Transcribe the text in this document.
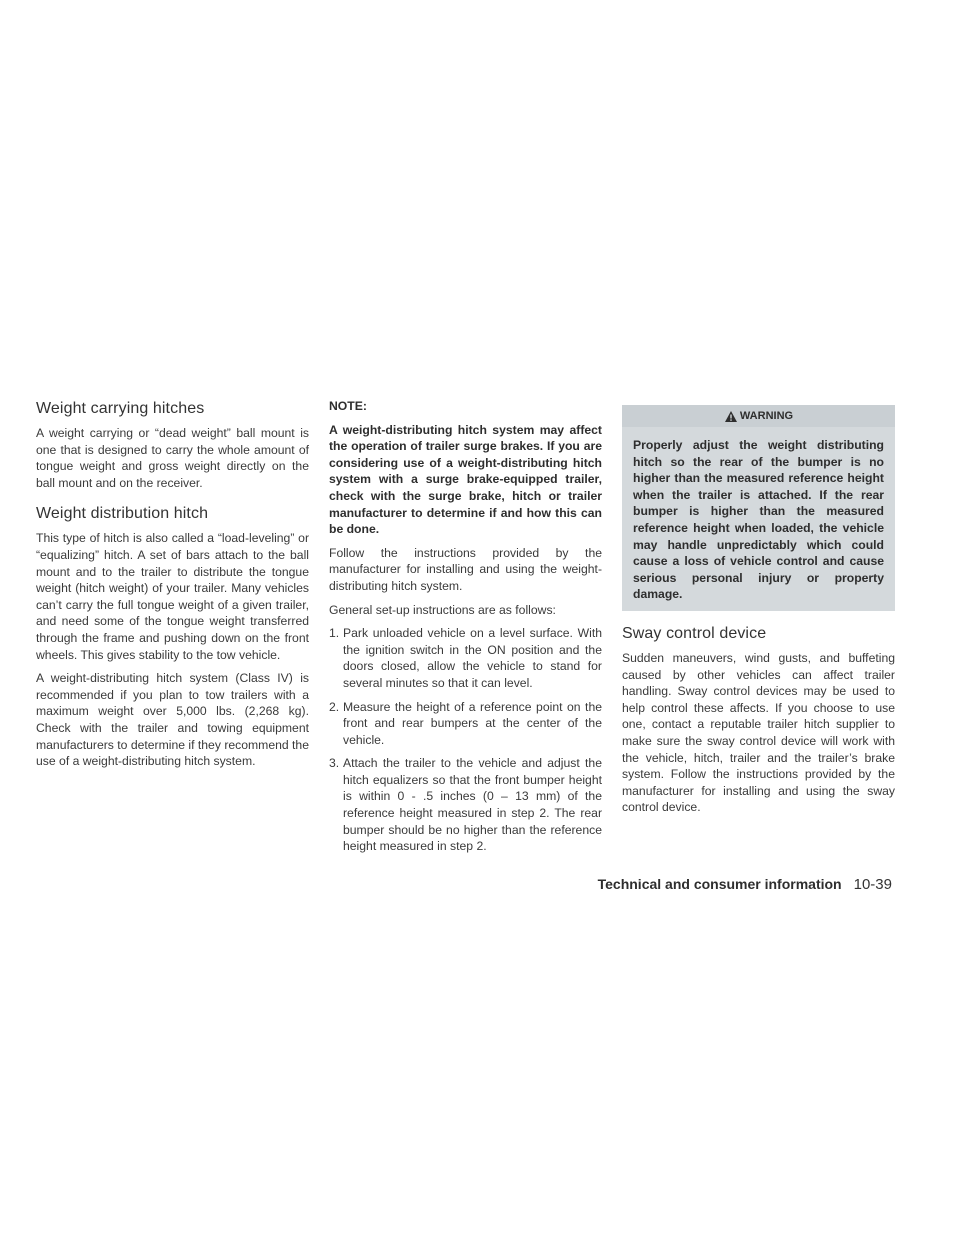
Weight carrying hitches

A weight carrying or “dead weight” ball mount is one that is designed to carry the whole amount of tongue weight and gross weight directly on the ball mount and on the receiver.

Weight distribution hitch

This type of hitch is also called a “load-leveling” or “equalizing” hitch. A set of bars attach to the ball mount and to the trailer to distribute the tongue weight (hitch weight) of your trailer. Many vehicles can’t carry the full tongue weight of a given trailer, and need some of the tongue weight transferred through the frame and pushing down on the front wheels. This gives stability to the tow vehicle.

A weight-distributing hitch system (Class IV) is recommended if you plan to tow trailers with a maximum weight over 5,000 lbs. (2,268 kg). Check with the trailer and towing equipment manufacturers to determine if they recommend the use of a weight-distributing hitch system.

NOTE:

A weight-distributing hitch system may affect the operation of trailer surge brakes. If you are considering use of a weight-distributing hitch system with a surge brake-equipped trailer, check with the surge brake, hitch or trailer manufacturer to determine if and how this can be done.

Follow the instructions provided by the manufacturer for installing and using the weight-distributing hitch system.

General set-up instructions are as follows:

1. Park unloaded vehicle on a level surface. With the ignition switch in the ON position and the doors closed, allow the vehicle to stand for several minutes so that it can level.
2. Measure the height of a reference point on the front and rear bumpers at the center of the vehicle.
3. Attach the trailer to the vehicle and adjust the hitch equalizers so that the front bumper height is within 0 - .5 inches (0 – 13 mm) of the reference height measured in step 2. The rear bumper should be no higher than the reference height measured in step 2.
WARNING

Properly adjust the weight distributing hitch so the rear of the bumper is no higher than the measured reference height when the trailer is attached. If the rear bumper is higher than the measured reference height when loaded, the vehicle may handle unpredictably which could cause a loss of vehicle control and cause serious personal injury or property damage.

Sway control device

Sudden maneuvers, wind gusts, and buffeting caused by other vehicles can affect trailer handling. Sway control devices may be used to help control these affects. If you choose to use one, contact a reputable trailer hitch supplier to make sure the sway control device will work with the vehicle, hitch, trailer and the trailer’s brake system. Follow the instructions provided by the manufacturer for installing and using the sway control device.

Technical and consumer information 10-39
